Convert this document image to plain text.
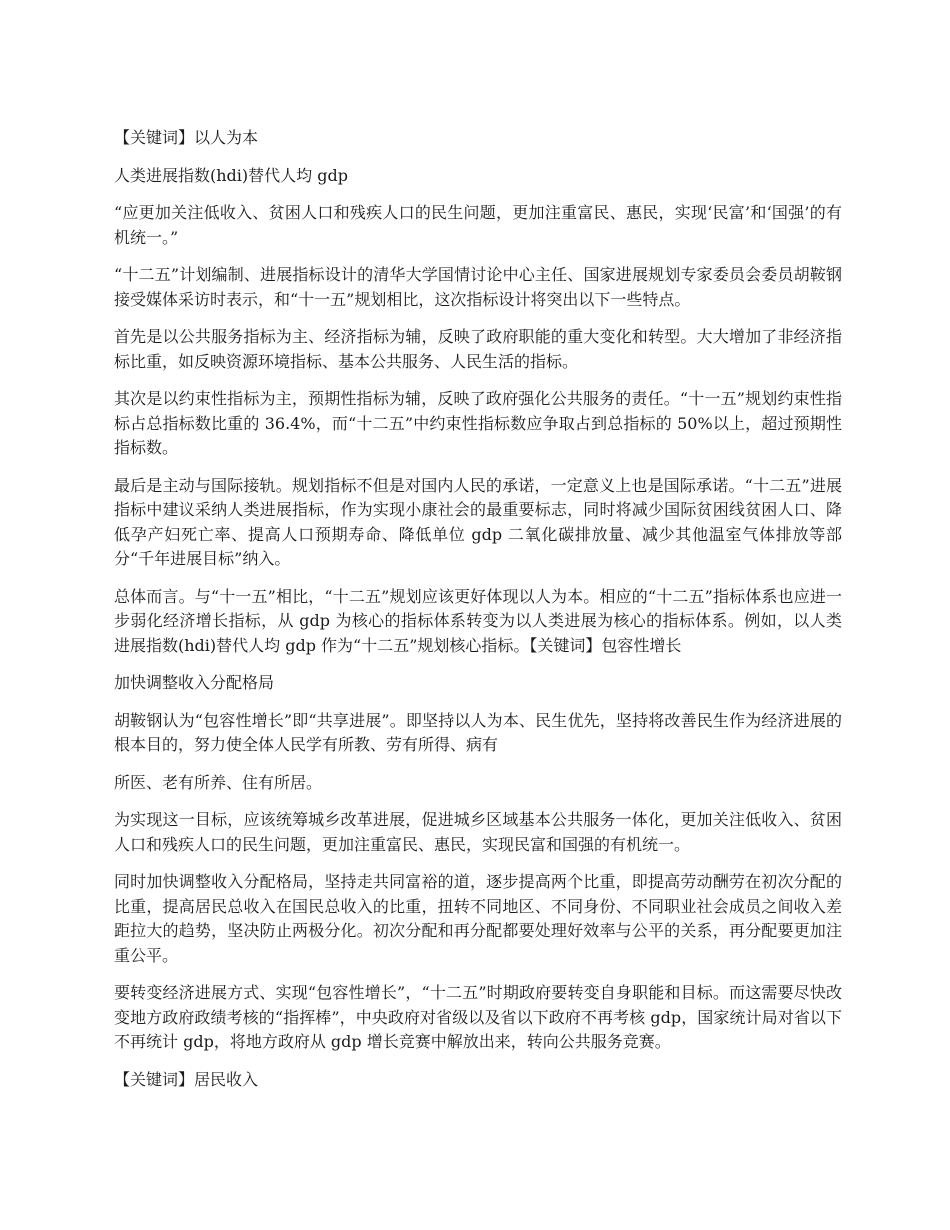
【关键词】以人为本

人类进展指数(hdi)替代人均 gdp

“应更加关注低收入、贫困人口和残疾人口的民生问题，更加注重富民、惠民，实现‘民富’和‘国强’的有机统一。”

“十二五”计划编制、进展指标设计的清华大学国情讨论中心主任、国家进展规划专家委员会委员胡鞍钢接受媒体采访时表示，和“十一五”规划相比，这次指标设计将突出以下一些特点。

首先是以公共服务指标为主、经济指标为辅，反映了政府职能的重大变化和转型。大大增加了非经济指标比重，如反映资源环境指标、基本公共服务、人民生活的指标。

其次是以约束性指标为主，预期性指标为辅，反映了政府强化公共服务的责任。“十一五”规划约束性指标占总指标数比重的 36.4%，而“十二五”中约束性指标数应争取占到总指标的 50%以上，超过预期性指标数。

最后是主动与国际接轨。规划指标不但是对国内人民的承诺，一定意义上也是国际承诺。“十二五”进展指标中建议采纳人类进展指标，作为实现小康社会的最重要标志，同时将减少国际贫困线贫困人口、降低孕产妇死亡率、提高人口预期寿命、降低单位 gdp 二氧化碳排放量、减少其他温室气体排放等部分“千年进展目标”纳入。

总体而言。与“十一五”相比，“十二五”规划应该更好体现以人为本。相应的“十二五”指标体系也应进一步弱化经济增长指标，从 gdp 为核心的指标体系转变为以人类进展为核心的指标体系。例如，以人类进展指数(hdi)替代人均 gdp 作为“十二五”规划核心指标。【关键词】包容性增长

加快调整收入分配格局

胡鞍钢认为“包容性增长”即“共享进展”。即坚持以人为本、民生优先，坚持将改善民生作为经济进展的根本目的，努力使全体人民学有所教、劳有所得、病有

所医、老有所养、住有所居。

为实现这一目标，应该统筹城乡改革进展，促进城乡区域基本公共服务一体化，更加关注低收入、贫困人口和残疾人口的民生问题，更加注重富民、惠民，实现民富和国强的有机统一。

同时加快调整收入分配格局，坚持走共同富裕的道，逐步提高两个比重，即提高劳动酬劳在初次分配的比重，提高居民总收入在国民总收入的比重，扭转不同地区、不同身份、不同职业社会成员之间收入差距拉大的趋势，坚决防止两极分化。初次分配和再分配都要处理好效率与公平的关系，再分配要更加注重公平。

要转变经济进展方式、实现“包容性增长”，“十二五”时期政府要转变自身职能和目标。而这需要尽快改变地方政府政绩考核的“指挥棒”，中央政府对省级以及省以下政府不再考核 gdp，国家统计局对省以下不再统计 gdp，将地方政府从 gdp 增长竞赛中解放出来，转向公共服务竞赛。

【关键词】居民收入
